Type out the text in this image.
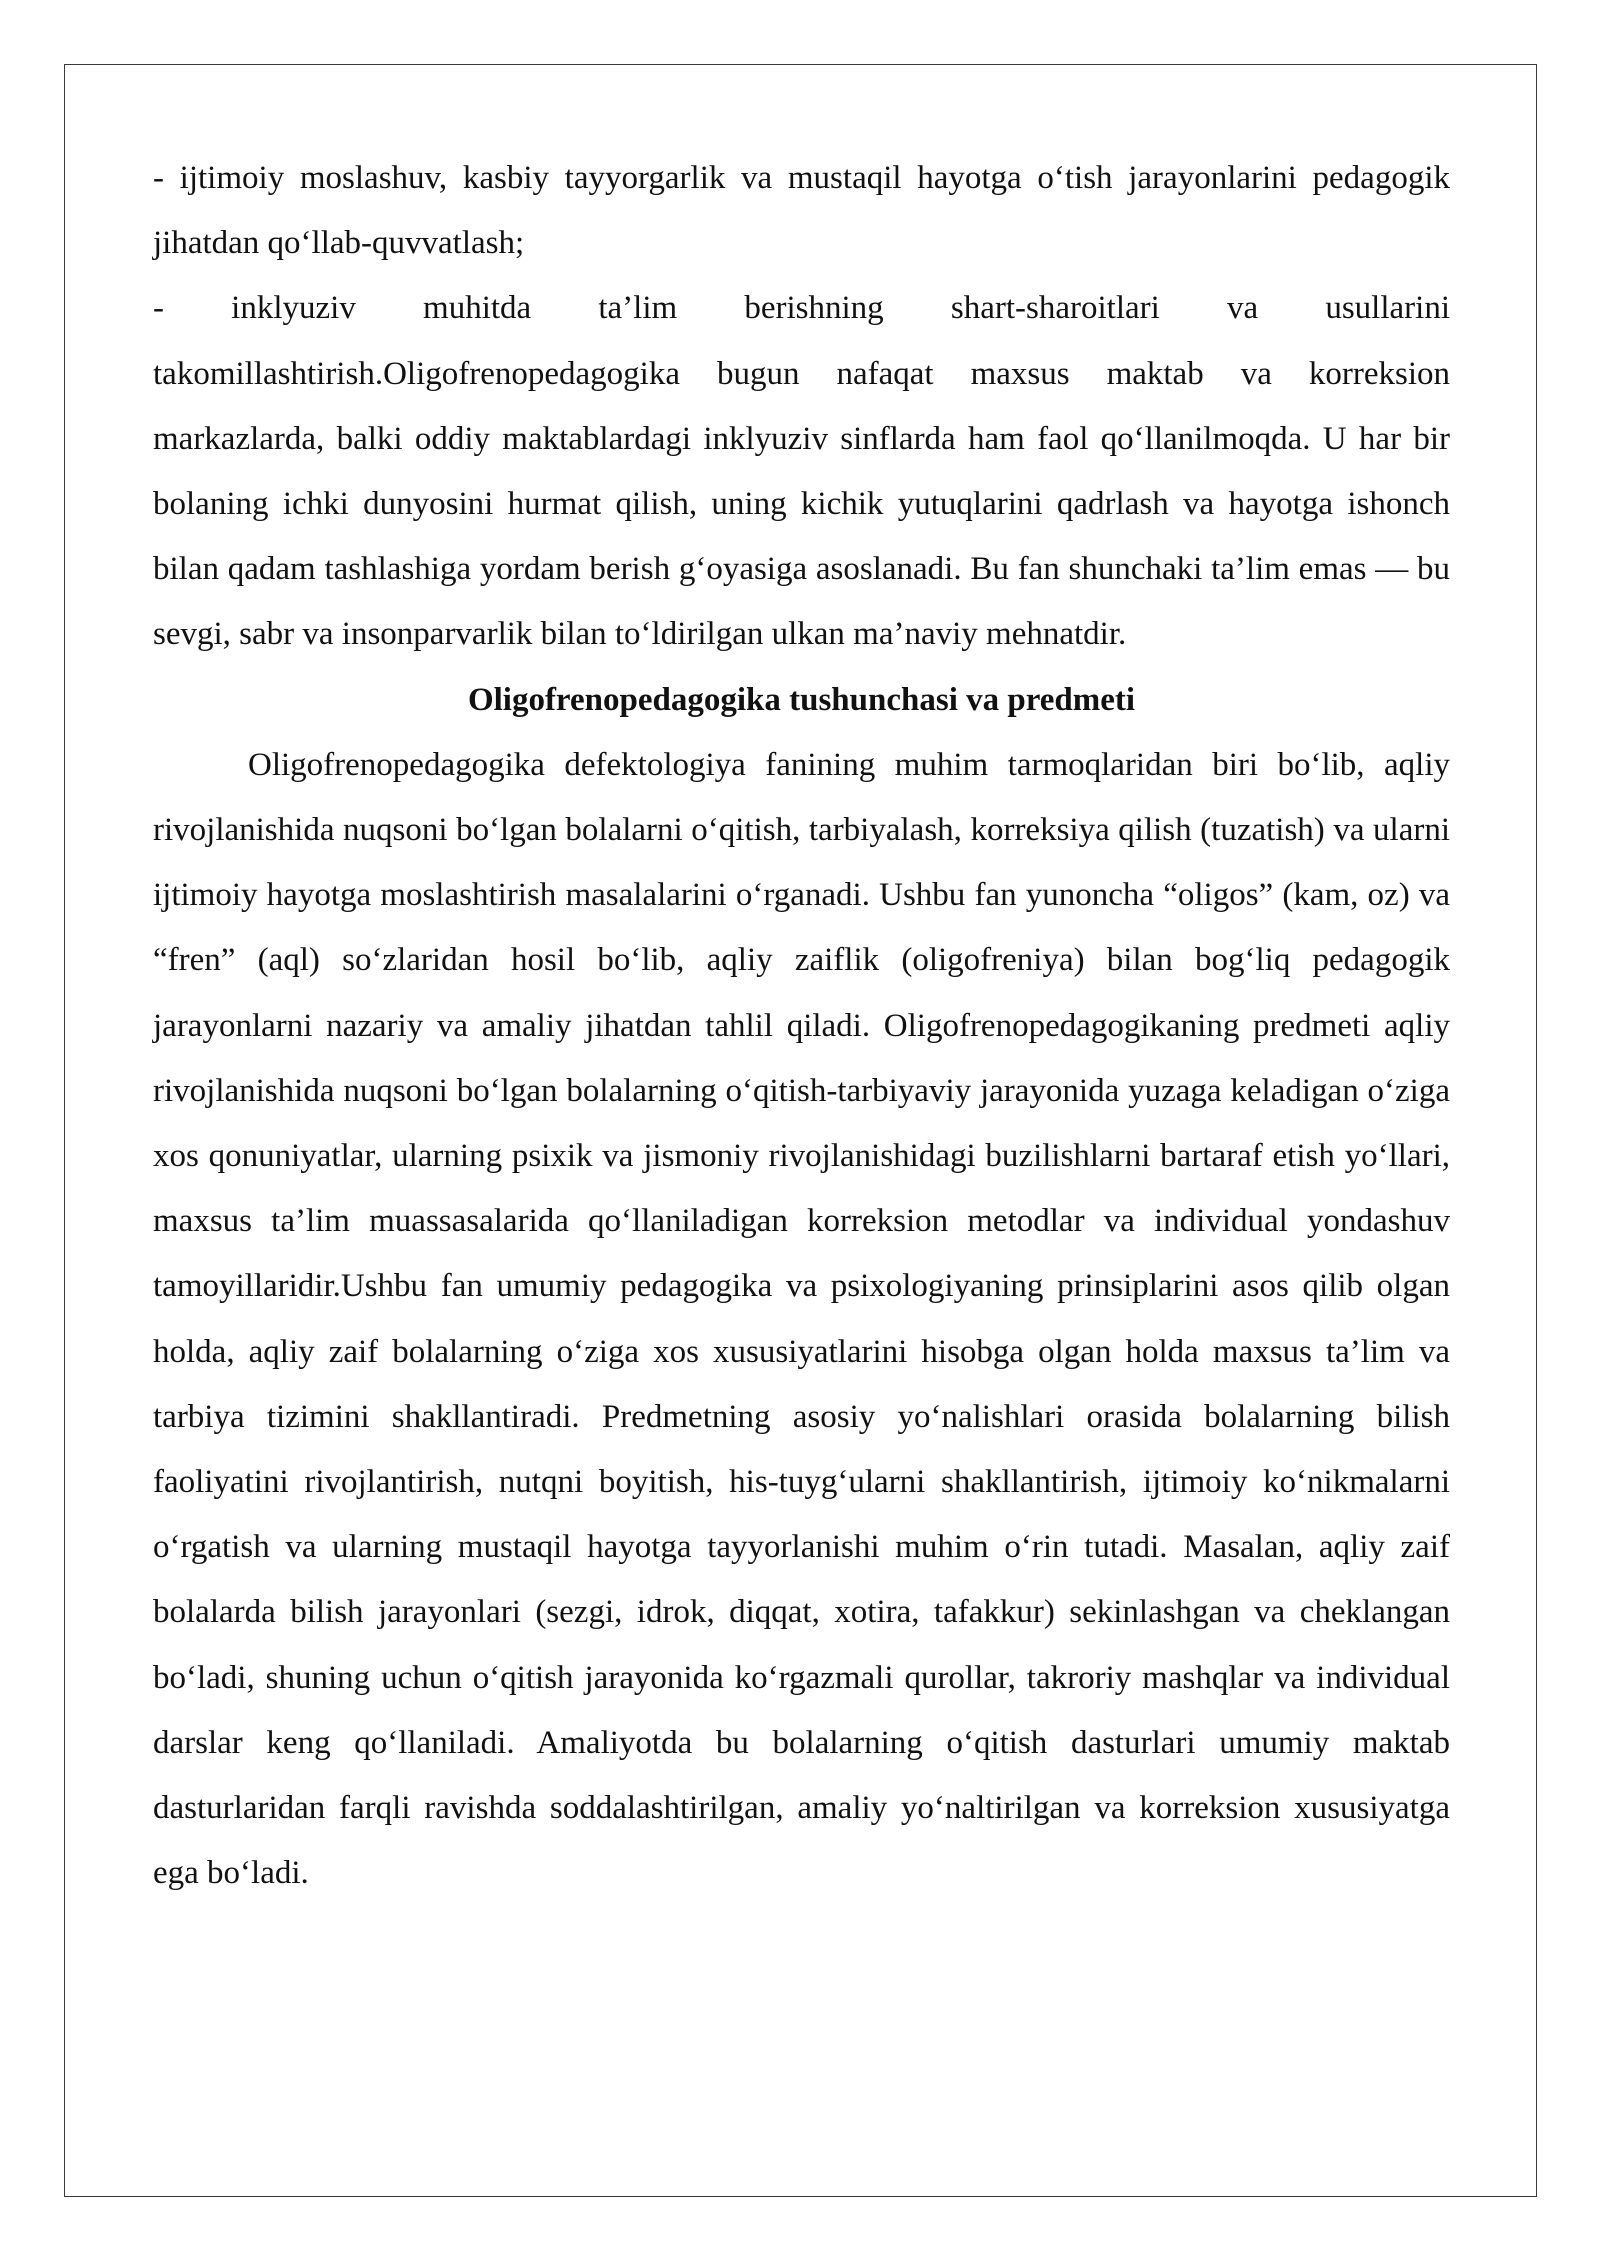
- ijtimoiy moslashuv, kasbiy tayyorgarlik va mustaqil hayotga o‘tish jarayonlarini pedagogik jihatdan qo‘llab-quvvatlash;

- inklyuziv muhitda ta’lim berishning shart-sharoitlari va usullarini takomillashtirish.Oligofrenopedagogika bugun nafaqat maxsus maktab va korreksion markazlarda, balki oddiy maktablardagi inklyuziv sinflarda ham faol qo‘llanilmoqda. U har bir bolaning ichki dunyosini hurmat qilish, uning kichik yutuqlarini qadrlash va hayotga ishonch bilan qadam tashlashiga yordam berish g‘oyasiga asoslanadi. Bu fan shunchaki ta’lim emas — bu sevgi, sabr va insonparvarlik bilan to‘ldirilgan ulkan ma’naviy mehnatdir.

Oligofrenopedagogika tushunchasi va predmeti

Oligofrenopedagogika defektologiya fanining muhim tarmoqlaridan biri bo‘lib, aqliy rivojlanishida nuqsoni bo‘lgan bolalarni o‘qitish, tarbiyalash, korreksiya qilish (tuzatish) va ularni ijtimoiy hayotga moslashtirish masalalarini o‘rganadi. Ushbu fan yunoncha “oligos” (kam, oz) va “fren” (aql) so‘zlaridan hosil bo‘lib, aqliy zaiflik (oligofreniya) bilan bog‘liq pedagogik jarayonlarni nazariy va amaliy jihatdan tahlil qiladi. Oligofrenopedagogikaning predmeti aqliy rivojlanishida nuqsoni bo‘lgan bolalarning o‘qitish-tarbiyaviy jarayonida yuzaga keladigan o‘ziga xos qonuniyatlar, ularning psixik va jismoniy rivojlanishidagi buzilishlarni bartaraf etish yo‘llari, maxsus ta’lim muassasalarida qo‘llaniladigan korreksion metodlar va individual yondashuv tamoyillaridir.Ushbu fan umumiy pedagogika va psixologiyaning prinsiplarini asos qilib olgan holda, aqliy zaif bolalarning o‘ziga xos xususiyatlarini hisobga olgan holda maxsus ta’lim va tarbiya tizimini shakllantiradi. Predmetning asosiy yo‘nalishlari orasida bolalarning bilish faoliyatini rivojlantirish, nutqni boyitish, his-tuyg‘ularni shakllantirish, ijtimoiy ko‘nikmalarni o‘rgatish va ularning mustaqil hayotga tayyorlanishi muhim o‘rin tutadi. Masalan, aqliy zaif bolalarda bilish jarayonlari (sezgi, idrok, diqqat, xotira, tafakkur) sekinlashgan va cheklangan bo‘ladi, shuning uchun o‘qitish jarayonida ko‘rgazmali qurollar, takroriy mashqlar va individual darslar keng qo‘llaniladi. Amaliyotda bu bolalarning o‘qitish dasturlari umumiy maktab dasturlaridan farqli ravishda soddalashtirilgan, amaliy yo‘naltirilgan va korreksion xususiyatga ega bo‘ladi.
